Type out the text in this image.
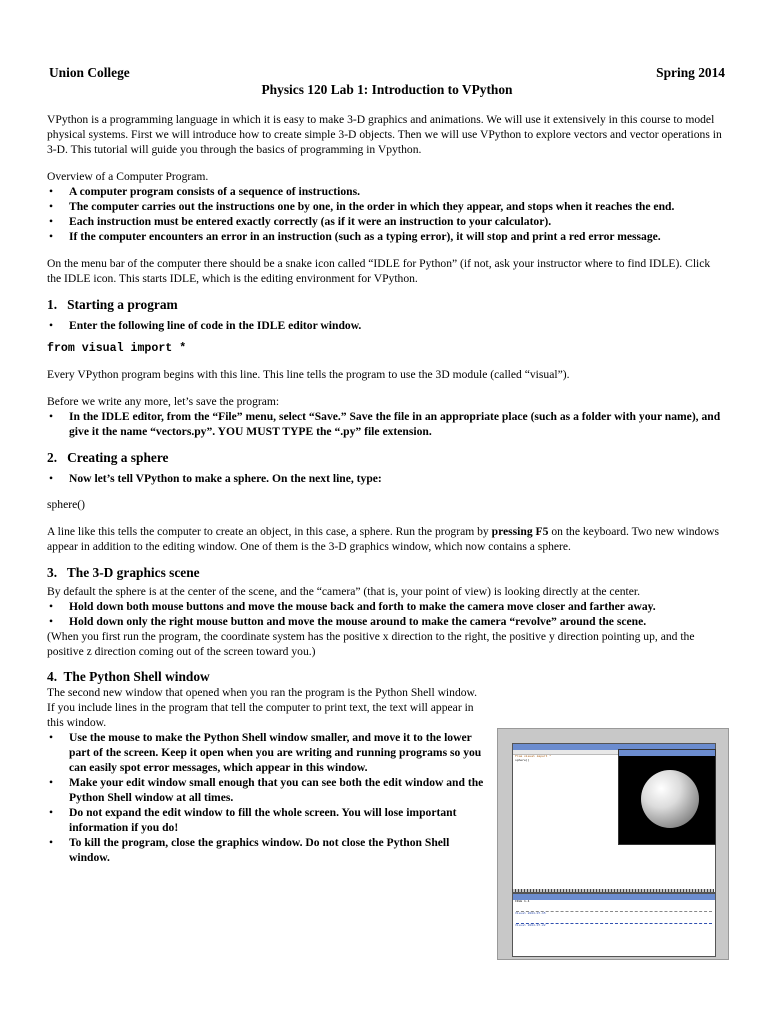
Union College	Spring 2014
Physics 120 Lab 1: Introduction to VPython

VPython is a programming language in which it is easy to make 3-D graphics and animations. We will use it extensively in this course to model physical systems. First we will introduce how to create simple 3-D objects. Then we will use VPython to explore vectors and vector operations in 3-D. This tutorial will guide you through the basics of programming in Vpython.

Overview of a Computer Program.

• A computer program consists of a sequence of instructions.
• The computer carries out the instructions one by one, in the order in which they appear, and stops when it reaches the end.
• Each instruction must be entered exactly correctly (as if it were an instruction to your calculator).
• If the computer encounters an error in an instruction (such as a typing error), it will stop and print a red error message.

On the menu bar of the computer there should be a snake icon called “IDLE for Python” (if not, ask your instructor where to find IDLE). Click the IDLE icon. This starts IDLE, which is the editing environment for VPython.

1.   Starting a program
• Enter the following line of code in the IDLE editor window.

from visual import *

Every VPython program begins with this line. This line tells the program to use the 3D module (called “visual”).

Before we write any more, let’s save the program:

• In the IDLE editor, from the “File” menu, select “Save.” Save the file in an appropriate place (such as a folder with your name), and give it the name “vectors.py”. YOU MUST TYPE the “.py” file extension.
2.   Creating a sphere
• Now let’s tell VPython to make a sphere. On the next line, type:

sphere()

A line like this tells the computer to create an object, in this case, a sphere. Run the program by pressing F5 on the keyboard. Two new windows appear in addition to the editing window. One of them is the 3-D graphics window, which now contains a sphere.

3.   The 3-D graphics scene

By default the sphere is at the center of the scene, and the “camera” (that is, your point of view) is looking directly at the center.

• Hold down both mouse buttons and move the mouse back and forth to make the camera move closer and farther away.
• Hold down only the right mouse button and move the mouse around to make the camera “revolve” around the scene.

(When you first run the program, the coordinate system has the positive x direction to the right, the positive y direction pointing up, and the positive z direction coming out of the screen toward you.)

4.  The Python Shell window

The second new window that opened when you ran the program is the Python Shell window. If you include lines in the program that tell the computer to print text, the text will appear in this window.

• Use the mouse to make the Python Shell window smaller, and move it to the lower part of the screen. Keep it open when you are writing and running programs so you can easily spot error messages, which appear in this window.
• Make your edit window small enough that you can see both the edit window and the Python Shell window at all times.
• Do not expand the edit window to fill the whole screen. You will lose important information if you do!
• To kill the program, close the graphics window. Do not close the Python Shell window.
from visual import *
sphere()
IDLE 1.4
Visual 2004-07-15
Visual 2004-07-22
